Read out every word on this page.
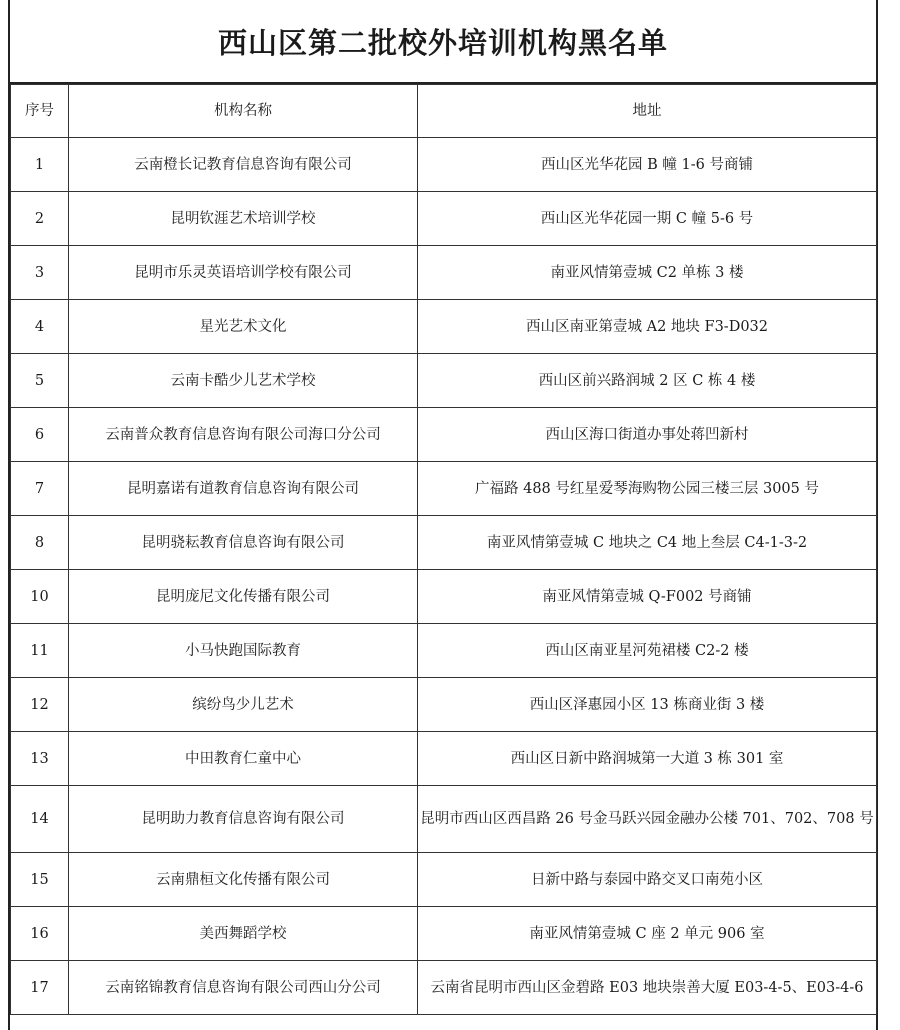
西山区第二批校外培训机构黑名单
序号	机构名称	地址
1	云南橙长记教育信息咨询有限公司	西山区光华花园 B 幢 1-6 号商铺
2	昆明钦涯艺术培训学校	西山区光华花园一期 C 幢 5-6 号
3	昆明市乐灵英语培训学校有限公司	南亚风情第壹城 C2 单栋 3 楼
4	星光艺术文化	西山区南亚第壹城 A2 地块 F3-D032
5	云南卡酷少儿艺术学校	西山区前兴路润城 2 区 C 栋 4 楼
6	云南普众教育信息咨询有限公司海口分公司	西山区海口街道办事处蒋凹新村
7	昆明嘉诺有道教育信息咨询有限公司	广福路 488 号红星爱琴海购物公园三楼三层 3005 号
8	昆明骁耘教育信息咨询有限公司	南亚风情第壹城 C 地块之 C4 地上叁层 C4-1-3-2
10	昆明庞尼文化传播有限公司	南亚风情第壹城 Q-F002 号商铺
11	小马快跑国际教育	西山区南亚星河苑裙楼 C2-2 楼
12	缤纷鸟少儿艺术	西山区泽惠园小区 13 栋商业街 3 楼
13	中田教育仁童中心	西山区日新中路润城第一大道 3 栋 301 室
14	昆明助力教育信息咨询有限公司	昆明市西山区西昌路 26 号金马跃兴园金融办公楼 701、702、708 号
15	云南鼎桓文化传播有限公司	日新中路与泰园中路交叉口南苑小区
16	美西舞蹈学校	南亚风情第壹城 C 座 2 单元 906 室
17	云南铭锦教育信息咨询有限公司西山分公司	云南省昆明市西山区金碧路 E03 地块崇善大厦 E03-4-5、E03-4-6
